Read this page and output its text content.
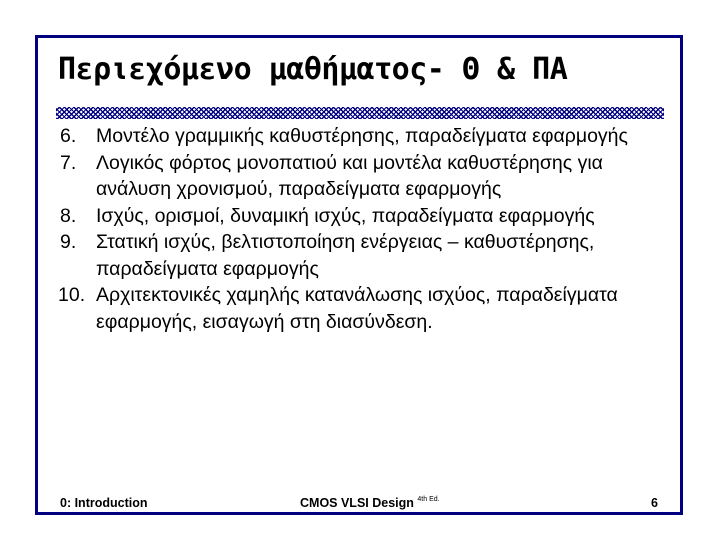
Περιεχόμενο μαθήματος- Θ & ΠΑ
6. Μοντέλο γραμμικής καθυστέρησης, παραδείγματα εφαρμογής
7. Λογικός φόρτος μονοπατιού και μοντέλα καθυστέρησης για ανάλυση χρονισμού, παραδείγματα εφαρμογής
8. Ισχύς, ορισμοί, δυναμική ισχύς, παραδείγματα εφαρμογής
9. Στατική ισχύς, βελτιστοποίηση ενέργειας – καθυστέρησης, παραδείγματα εφαρμογής
10. Αρχιτεκτονικές χαμηλής κατανάλωσης ισχύος, παραδείγματα εφαρμογής, εισαγωγή στη διασύνδεση.
0: Introduction	CMOS VLSI Design $^{4th Ed.}$	6
